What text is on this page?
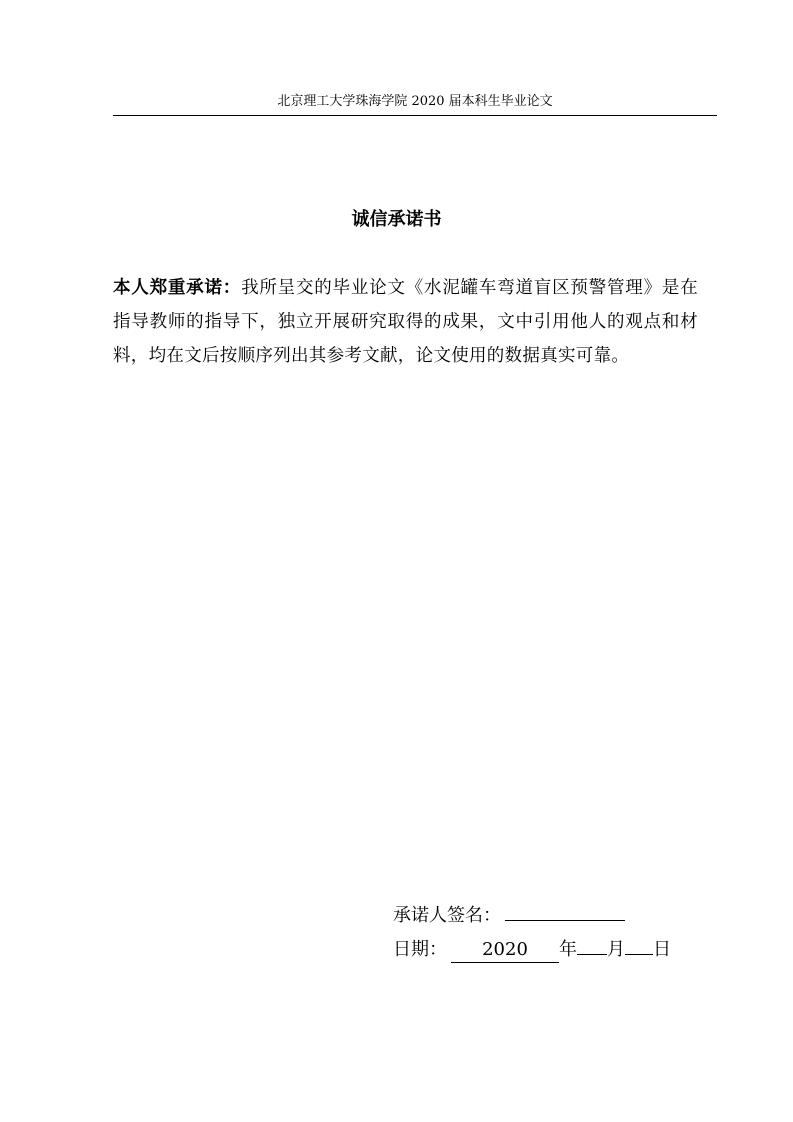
北京理工大学珠海学院 2020 届本科生毕业论文
诚信承诺书
本人郑重承诺：我所呈交的毕业论文《水泥罐车弯道盲区预警管理》是在指导教师的指导下，独立开展研究取得的成果，文中引用他人的观点和材料，均在文后按顺序列出其参考文献，论文使用的数据真实可靠。
承诺人签名：
日期： 2020 年 月 日
